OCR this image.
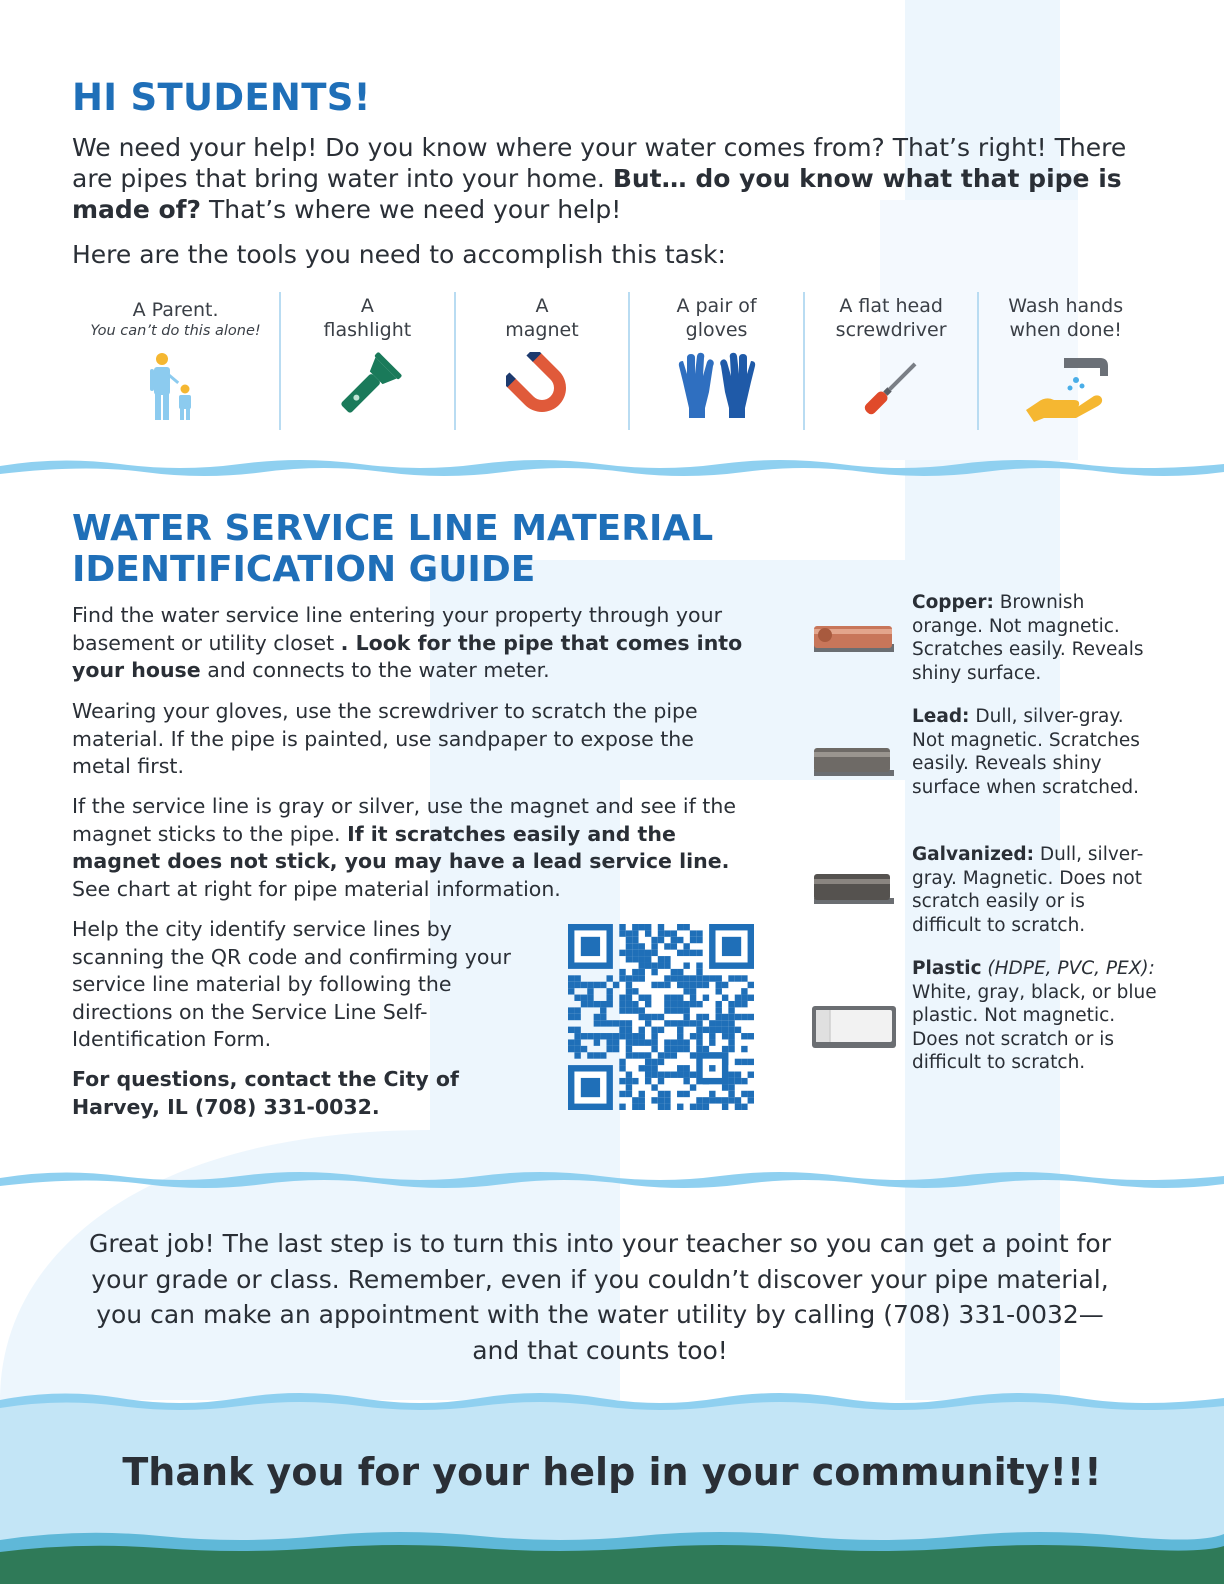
HI STUDENTS!

We need your help! Do you know where your water comes from? That’s right! There are pipes that bring water into your home. But… do you know what that pipe is made of? That’s where we need your help!

Here are the tools you need to accomplish this task:

A Parent.
You can’t do this alone!
A
flashlight
A
magnet
A pair of
gloves
A flat head
screwdriver
Wash hands
when done!
WATER SERVICE LINE MATERIAL IDENTIFICATION GUIDE

Find the water service line entering your property through your basement or utility closet . Look for the pipe that comes into your house and connects to the water meter.

Wearing your gloves, use the screwdriver to scratch the pipe material. If the pipe is painted, use sandpaper to expose the metal first.

If the service line is gray or silver, use the magnet and see if the magnet sticks to the pipe. If it scratches easily and the magnet does not stick, you may have a lead service line. See chart at right for pipe material information.

Help the city identify service lines by scanning the QR code and confirming your service line material by following the directions on the Service Line Self-Identification Form.

For questions, contact the City of Harvey, IL (708) 331-0032.

Copper: Brownish orange. Not magnetic. Scratches easily. Reveals shiny surface.

Lead: Dull, silver-gray. Not magnetic. Scratches easily. Reveals shiny surface when scratched.

Galvanized: Dull, silver-gray. Magnetic. Does not scratch easily or is difficult to scratch.

Plastic (HDPE, PVC, PEX): White, gray, black, or blue plastic. Not magnetic. Does not scratch or is difficult to scratch.

Great job! The last step is to turn this into your teacher so you can get a point for your grade or class. Remember, even if you couldn’t discover your pipe material, you can make an appointment with the water utility by calling (708) 331-0032—and that counts too!

Thank you for your help in your community!!!
